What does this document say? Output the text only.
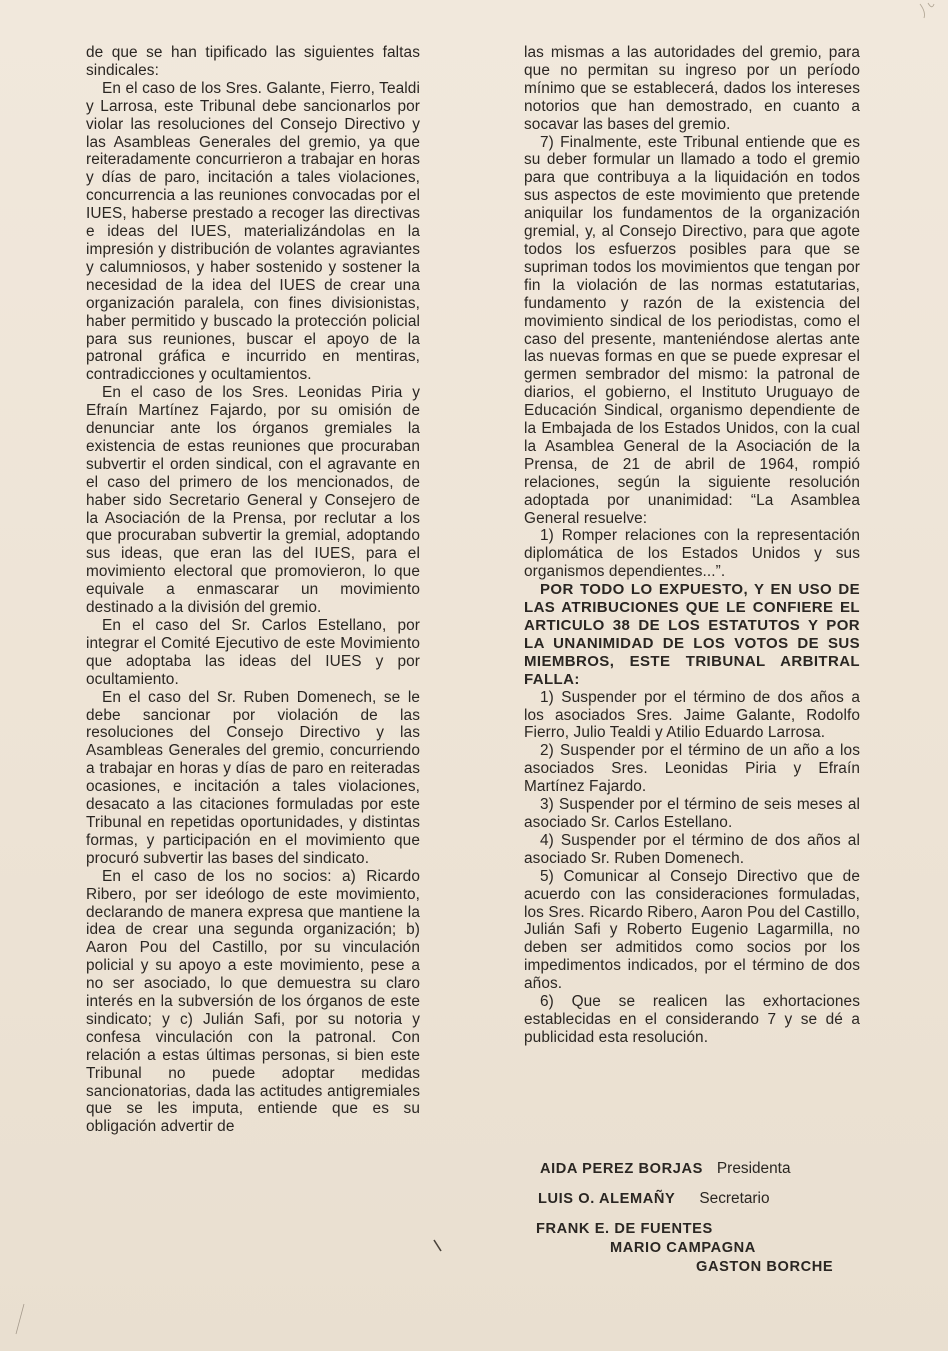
de que se han tipificado las siguientes faltas sindicales:

En el caso de los Sres. Galante, Fierro, Tealdi y Larrosa, este Tribunal debe sancionarlos por violar las resoluciones del Consejo Directivo y las Asambleas Generales del gremio, ya que reiteradamente concurrieron a trabajar en horas y días de paro, incitación a tales violaciones, concurrencia a las reuniones convocadas por el IUES, haberse prestado a recoger las directivas e ideas del IUES, materializándolas en la impresión y distribución de volantes agraviantes y calumniosos, y haber sostenido y sostener la necesidad de la idea del IUES de crear una organización paralela, con fines divisionistas, haber permitido y buscado la protección policial para sus reuniones, buscar el apoyo de la patronal gráfica e incurrido en mentiras, contradicciones y ocultamientos.

En el caso de los Sres. Leonidas Piria y Efraín Martínez Fajardo, por su omisión de denunciar ante los órganos gremiales la existencia de estas reuniones que procuraban subvertir el orden sindical, con el agravante en el caso del primero de los mencionados, de haber sido Secretario General y Consejero de la Asociación de la Prensa, por reclutar a los que procuraban subvertir la gremial, adoptando sus ideas, que eran las del IUES, para el movimiento electoral que promovieron, lo que equivale a enmascarar un movimiento destinado a la división del gremio.

En el caso del Sr. Carlos Estellano, por integrar el Comité Ejecutivo de este Movimiento que adoptaba las ideas del IUES y por ocultamiento.

En el caso del Sr. Ruben Domenech, se le debe sancionar por violación de las resoluciones del Consejo Directivo y las Asambleas Generales del gremio, concurriendo a trabajar en horas y días de paro en reiteradas ocasiones, e incitación a tales violaciones, desacato a las citaciones formuladas por este Tribunal en repetidas oportunidades, y distintas formas, y participación en el movimiento que procuró subvertir las bases del sindicato.

En el caso de los no socios: a) Ricardo Ribero, por ser ideólogo de este movimiento, declarando de manera expresa que mantiene la idea de crear una segunda organización; b) Aaron Pou del Castillo, por su vinculación policial y su apoyo a este movimiento, pese a no ser asociado, lo que demuestra su claro interés en la subversión de los órganos de este sindicato; y c) Julián Safi, por su notoria y confesa vinculación con la patronal. Con relación a estas últimas personas, si bien este Tribunal no puede adoptar medidas sancionatorias, dada las actitudes antigremiales que se les imputa, entiende que es su obligación advertir de

las mismas a las autoridades del gremio, para que no permitan su ingreso por un período mínimo que se establecerá, dados los intereses notorios que han demostrado, en cuanto a socavar las bases del gremio.

7) Finalmente, este Tribunal entiende que es su deber formular un llamado a todo el gremio para que contribuya a la liquidación en todos sus aspectos de este movimiento que pretende aniquilar los fundamentos de la organización gremial, y, al Consejo Directivo, para que agote todos los esfuerzos posibles para que se supriman todos los movimientos que tengan por fin la violación de las normas estatutarias, fundamento y razón de la existencia del movimiento sindical de los periodistas, como el caso del presente, manteniéndose alertas ante las nuevas formas en que se puede expresar el germen sembrador del mismo: la patronal de diarios, el gobierno, el Instituto Uruguayo de Educación Sindical, organismo dependiente de la Embajada de los Estados Unidos, con la cual la Asamblea General de la Asociación de la Prensa, de 21 de abril de 1964, rompió relaciones, según la siguiente resolución adoptada por unanimidad: “La Asamblea General resuelve:

1) Romper relaciones con la representación diplomática de los Estados Unidos y sus organismos dependientes...”.

POR TODO LO EXPUESTO, Y EN USO DE LAS ATRIBUCIONES QUE LE CONFIERE EL ARTICULO 38 DE LOS ESTATUTOS Y POR LA UNANIMIDAD DE LOS VOTOS DE SUS MIEMBROS, ESTE TRIBUNAL ARBITRAL FALLA:

1) Suspender por el término de dos años a los asociados Sres. Jaime Galante, Rodolfo Fierro, Julio Tealdi y Atilio Eduardo Larrosa.

2) Suspender por el término de un año a los asociados Sres. Leonidas Piria y Efraín Martínez Fajardo.

3) Suspender por el término de seis meses al asociado Sr. Carlos Estellano.

4) Suspender por el término de dos años al asociado Sr. Ruben Domenech.

5) Comunicar al Consejo Directivo que de acuerdo con las consideraciones formuladas, los Sres. Ricardo Ribero, Aaron Pou del Castillo, Julián Safi y Roberto Eugenio Lagarmilla, no deben ser admitidos como socios por los impedimentos indicados, por el término de dos años.

6) Que se realicen las exhortaciones establecidas en el considerando 7 y se dé a publicidad esta resolución.

AIDA PEREZ BORJAS Presidenta
LUIS O. ALEMAÑY Secretario
FRANK E. DE FUENTES
MARIO CAMPAGNA
GASTON BORCHE
